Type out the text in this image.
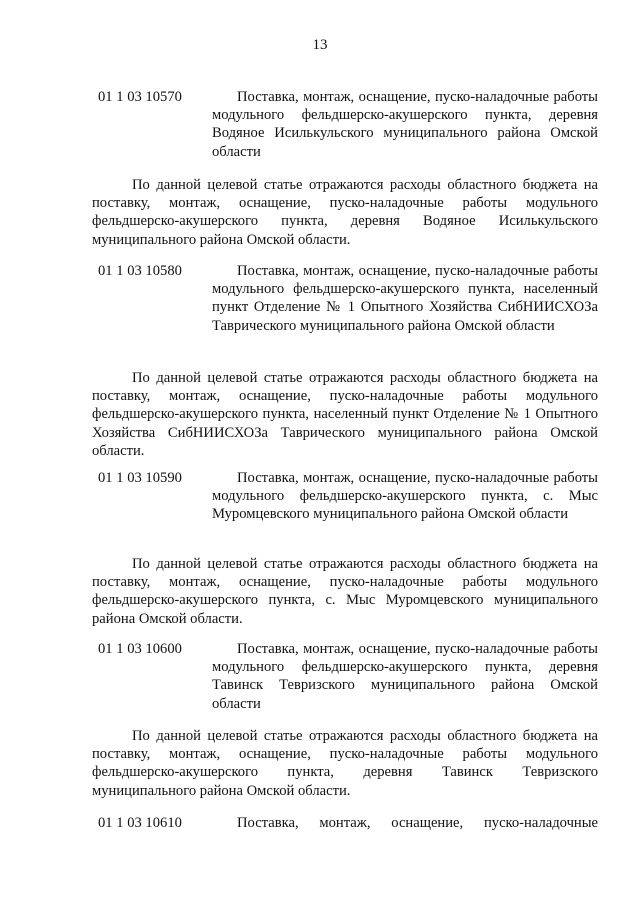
13
01 1 03 10570	Поставка, монтаж, оснащение, пуско-наладочные работы модульного фельдшерско-акушерского пункта, деревня Водяное Исилькульского муниципального района Омской области
По данной целевой статье отражаются расходы областного бюджета на поставку, монтаж, оснащение, пуско-наладочные работы модульного фельдшерско-акушерского пункта, деревня Водяное Исилькульского муниципального района Омской области.
01 1 03 10580	Поставка, монтаж, оснащение, пуско-наладочные работы модульного фельдшерско-акушерского пункта, населенный пункт Отделение № 1 Опытного Хозяйства СибНИИСХОЗа Таврического муниципального района Омской области
По данной целевой статье отражаются расходы областного бюджета на поставку, монтаж, оснащение, пуско-наладочные работы модульного фельдшерско-акушерского пункта, населенный пункт Отделение № 1 Опытного Хозяйства СибНИИСХОЗа Таврического муниципального района Омской области.
01 1 03 10590	Поставка, монтаж, оснащение, пуско-наладочные работы модульного фельдшерско-акушерского пункта, с. Мыс Муромцевского муниципального района Омской области
По данной целевой статье отражаются расходы областного бюджета на поставку, монтаж, оснащение, пуско-наладочные работы модульного фельдшерско-акушерского пункта, с. Мыс Муромцевского муниципального района Омской области.
01 1 03 10600	Поставка, монтаж, оснащение, пуско-наладочные работы модульного фельдшерско-акушерского пункта, деревня Тавинск Тевризского муниципального района Омской области
По данной целевой статье отражаются расходы областного бюджета на поставку, монтаж, оснащение, пуско-наладочные работы модульного фельдшерско-акушерского пункта, деревня Тавинск Тевризского муниципального района Омской области.
01 1 03 10610	Поставка, монтаж, оснащение, пуско-наладочные
